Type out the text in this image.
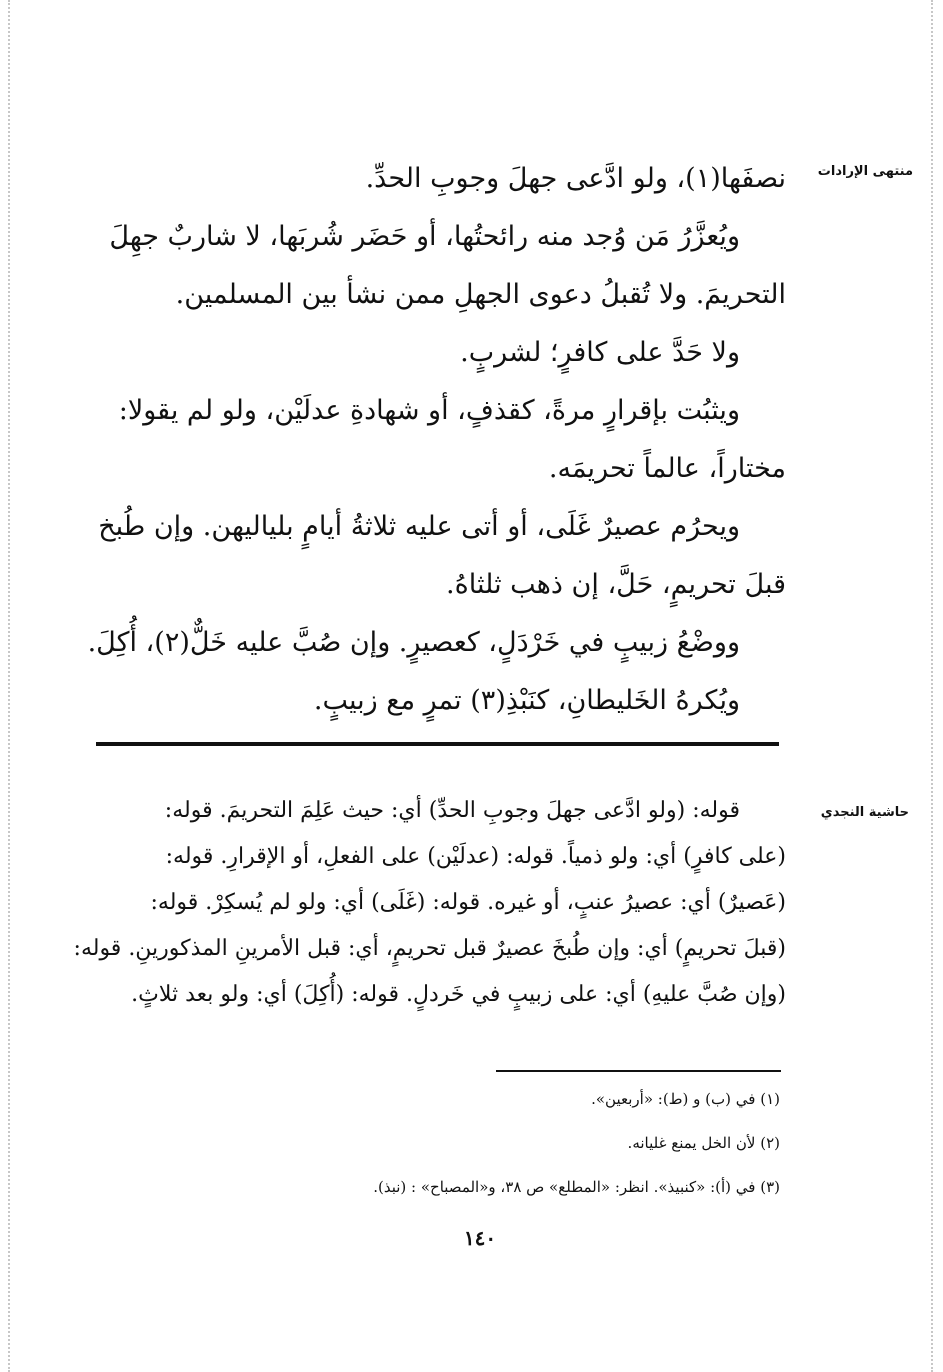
منتهى الإرادات
حاشية النجدي
نصفَها(١)، ولو ادَّعى جهلَ وجوبِ الحدِّ.
ويُعزَّرُ مَن وُجد منه رائحتُها، أو حَضَر شُربَها، لا شاربٌ جهِلَ
التحريمَ. ولا تُقبلُ دعوى الجهلِ ممن نشأ بين المسلمين.
ولا حَدَّ على كافرٍ؛ لشربٍ.
ويثبُت بإقرارٍ مرةً، كقذفٍ، أو شهادةِ عدلَيْن، ولو لم يقولا:
مختاراً، عالماً تحريمَه.
ويحرُم عصيرٌ غَلَى، أو أتى عليه ثلاثةُ أيامٍ بلياليهن. وإن طُبخ
قبلَ تحريمٍ، حَلَّ، إن ذهب ثلثاهُ.
ووضْعُ زبيبٍ في خَرْدَلٍ، كعصيرٍ. وإن صُبَّ عليه خَلٌّ(٢)، أُكِلَ.
ويُكرهُ الخَليطانِ، كنَبْذِ(٣) تمرٍ مع زبيبٍ.
قوله: (ولو ادَّعى جهلَ وجوبِ الحدِّ) أي: حيث عَلِمَ التحريمَ. قوله:
(على كافرٍ) أي: ولو ذمياً. قوله: (عدلَيْن) على الفعلِ، أو الإقرارِ. قوله:
(عَصيرٌ) أي: عصيرُ عنبٍ، أو غيره. قوله: (غَلَى) أي: ولو لم يُسكِرْ. قوله:
(قبلَ تحريمٍ) أي: وإن طُبخَ عصيرٌ قبل تحريمٍ، أي: قبل الأمرينِ المذكورينِ. قوله:
(وإن صُبَّ عليهِ) أي: على زبيبٍ في خَردلٍ. قوله: (أُكِلَ) أي: ولو بعد ثلاثٍ.
(١) في (ب) و (ط): «أربعين».
(٢) لأن الخل يمنع غليانه.
(٣) في (أ): «كنبيذ». انظر: «المطلع» ص ٣٨، و«المصباح» : (نبذ).
١٤٠
